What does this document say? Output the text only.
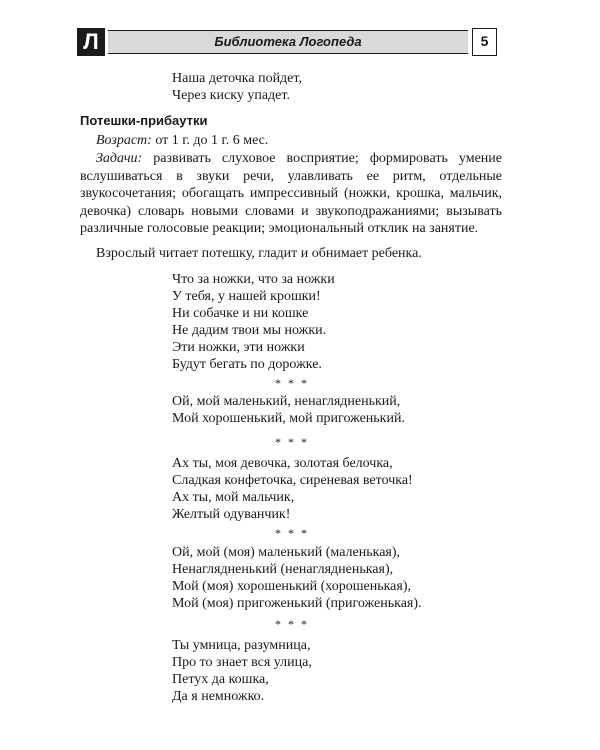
Л	Библиотека Логопеда	5
Наша деточка пойдет,
Через киску упадет.
Потешки-прибаутки
Возраст: от 1 г. до 1 г. 6 мес.
Задачи: развивать слуховое восприятие; формировать умение вслушиваться в звуки речи, улавливать ее ритм, отдельные звукосочетания; обогащать импрессивный (ножки, крошка, мальчик, девочка) словарь новыми словами и звукоподражаниями; вызывать различные голосовые реакции; эмоциональный отклик на занятие.
Взрослый читает потешку, гладит и обнимает ребенка.
Что за ножки, что за ножки
У тебя, у нашей крошки!
Ни собачке и ни кошке
Не дадим твои мы ножки.
Эти ножки, эти ножки
Будут бегать по дорожке.
* * *
Ой, мой маленький, ненаглядненький,
Мой хорошенький, мой пригоженький.
* * *
Ах ты, моя девочка, золотая белочка,
Сладкая конфеточка, сиреневая веточка!
Ах ты, мой мальчик,
Желтый одуванчик!
* * *
Ой, мой (моя) маленький (маленькая),
Ненаглядненький (ненаглядненькая),
Мой (моя) хорошенький (хорошенькая),
Мой (моя) пригоженький (пригоженькая).
* * *
Ты умница, разумница,
Про то знает вся улица,
Петух да кошка,
Да я немножко.
